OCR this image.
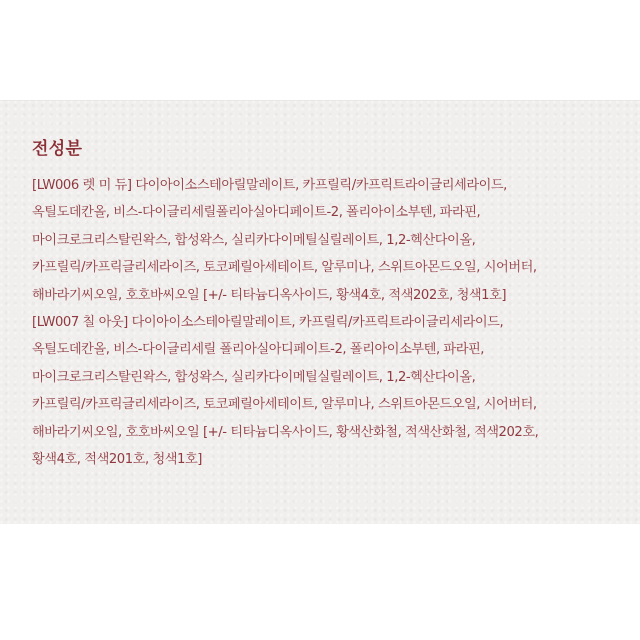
전성분
[LW006 렛 미 듀] 다이아이소스테아릴말레이트, 카프릴릭/카프릭트라이글리세라이드,
옥틸도데칸올, 비스-다이글리세릴폴리아실아디페이트-2, 폴리아이소부텐, 파라핀,
마이크로크리스탈린왁스, 합성왁스, 실리카다이메틸실릴레이트, 1,2-헥산다이올,
카프릴릭/카프릭글리세라이즈, 토코페릴아세테이트, 알루미나, 스위트아몬드오일, 시어버터,
해바라기씨오일, 호호바씨오일 [+/- 티타늄디옥사이드, 황색4호, 적색202호, 청색1호]
[LW007 칠 아웃] 다이아이소스테아릴말레이트, 카프릴릭/카프릭트라이글리세라이드,
옥틸도데칸올, 비스-다이글리세릴 폴리아실아디페이트-2, 폴리아이소부텐, 파라핀,
마이크로크리스탈린왁스, 합성왁스, 실리카다이메틸실릴레이트, 1,2-헥산다이올,
카프릴릭/카프릭글리세라이즈, 토코페릴아세테이트, 알루미나, 스위트아몬드오일, 시어버터,
해바라기씨오일, 호호바씨오일 [+/- 티타늄디옥사이드, 황색산화철, 적색산화철, 적색202호,
황색4호, 적색201호, 청색1호]
